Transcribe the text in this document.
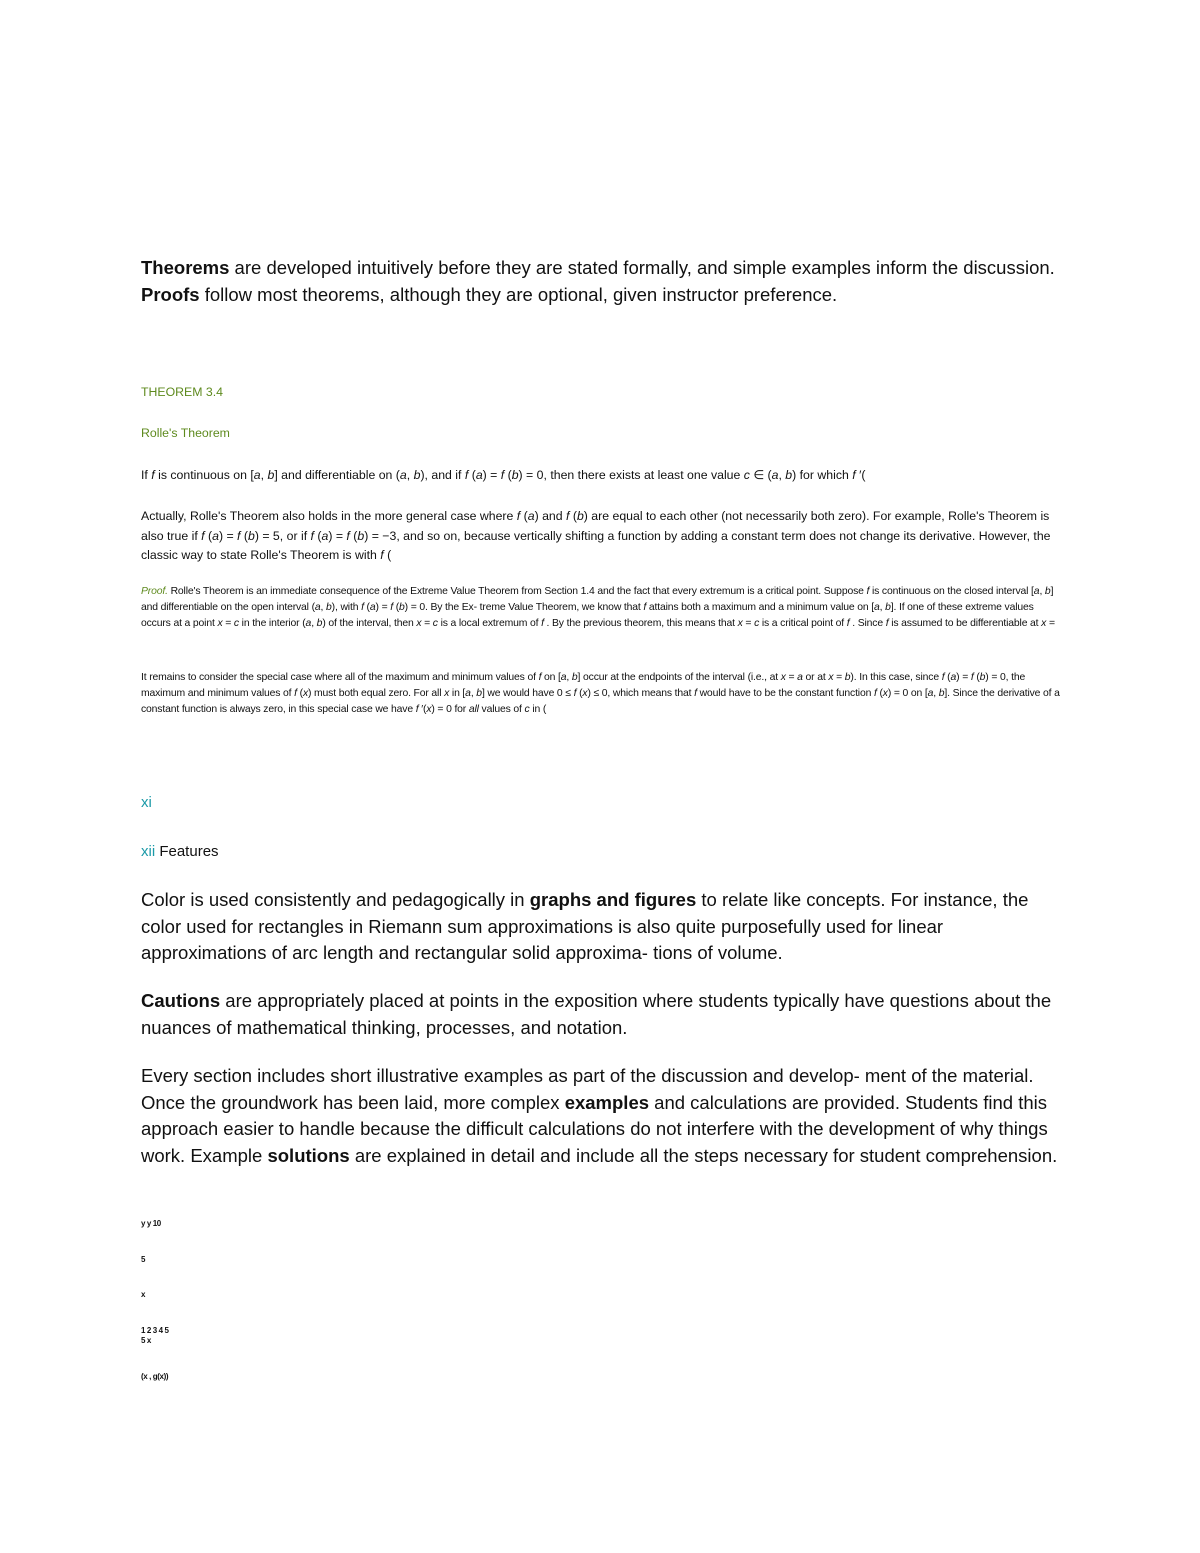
Theorems are developed intuitively before they are stated formally, and simple examples inform the discussion. Proofs follow most theorems, although they are optional, given instructor preference.

THEOREM 3.4
Rolle's Theorem

If f is continuous on [a, b] and differentiable on (a, b), and if f (a) = f (b) = 0, then there exists at least one value c ∈ (a, b) for which f ′(

Actually, Rolle's Theorem also holds in the more general case where f (a) and f (b) are equal to each other (not necessarily both zero). For example, Rolle's Theorem is also true if f (a) = f (b) = 5, or if f (a) = f (b) = −3, and so on, because vertically shifting a function by adding a constant term does not change its derivative. However, the classic way to state Rolle's Theorem is with f (

Proof. Rolle's Theorem is an immediate consequence of the Extreme Value Theorem from Section 1.4 and the fact that every extremum is a critical point. Suppose f is continuous on the closed interval [a, b] and differentiable on the open interval (a, b), with f (a) = f (b) = 0. By the Ex- treme Value Theorem, we know that f attains both a maximum and a minimum value on [a, b]. If one of these extreme values occurs at a point x = c in the interior (a, b) of the interval, then x = c is a local extremum of f . By the previous theorem, this means that x = c is a critical point of f . Since f is assumed to be differentiable at x =

It remains to consider the special case where all of the maximum and minimum values of f on [a, b] occur at the endpoints of the interval (i.e., at x = a or at x = b). In this case, since f (a) = f (b) = 0, the maximum and minimum values of f (x) must both equal zero. For all x in [a, b] we would have 0 ≤ f (x) ≤ 0, which means that f would have to be the constant function f (x) = 0 on [a, b]. Since the derivative of a constant function is always zero, in this special case we have f ′(x) = 0 for all values of c in (

xi
xii Features

Color is used consistently and pedagogically in graphs and figures to relate like concepts. For instance, the color used for rectangles in Riemann sum approximations is also quite purposefully used for linear approximations of arc length and rectangular solid approxima- tions of volume.

Cautions are appropriately placed at points in the exposition where students typically have questions about the nuances of mathematical thinking, processes, and notation.

Every section includes short illustrative examples as part of the discussion and develop- ment of the material. Once the groundwork has been laid, more complex examples and calculations are provided. Students find this approach easier to handle because the difficult calculations do not interfere with the development of why things work. Example solutions are explained in detail and include all the steps necessary for student comprehension.

y y 10
5
x
1 2 3 4 5
5 x
(x , g(x))
